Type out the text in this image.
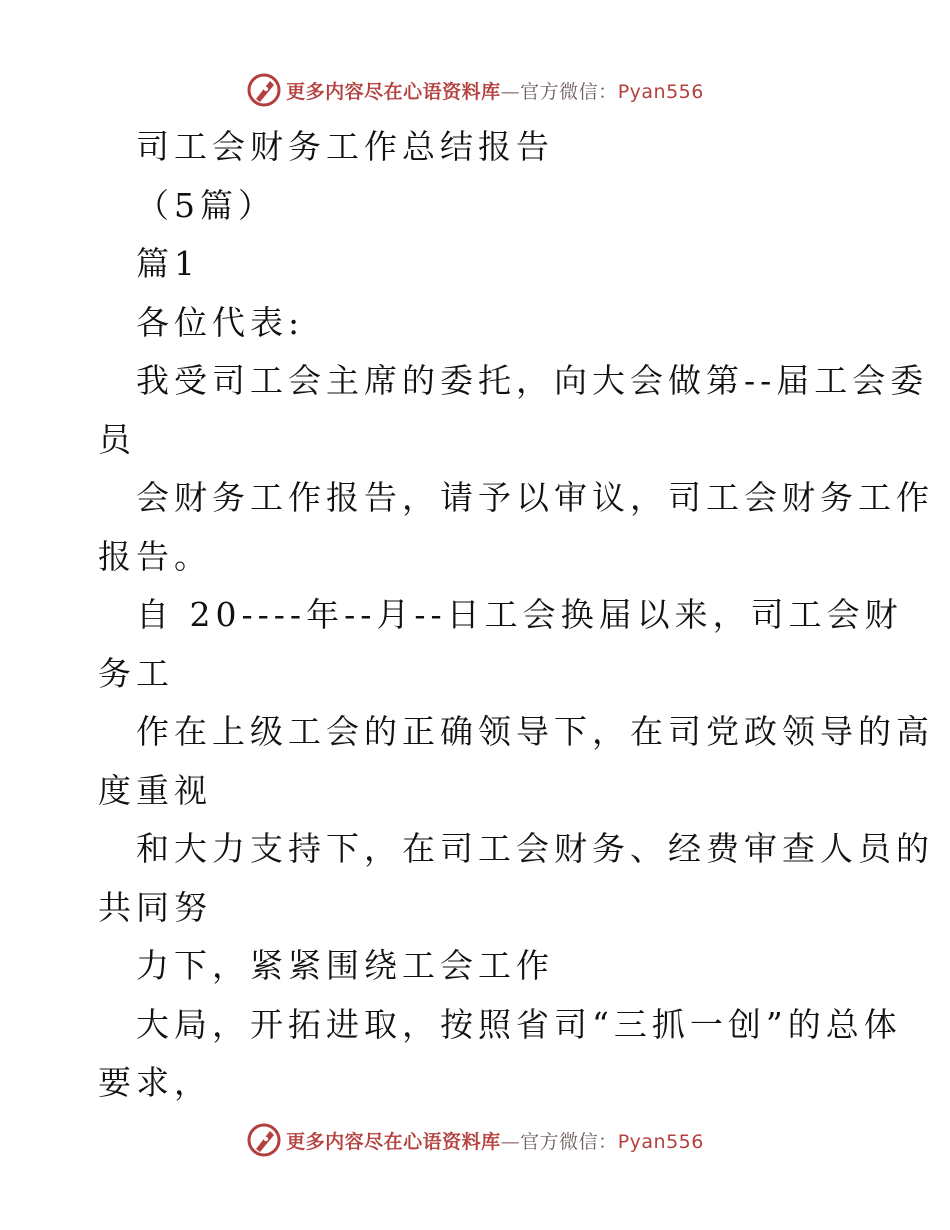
更多内容尽在心语资料库—官方微信：Pyan556
司工会财务工作总结报告
（5篇）
篇1
各位代表:
我受司工会主席的委托，向大会做第--届工会委
员
会财务工作报告，请予以审议，司工会财务工作
报告。
自 20----年--月--日工会换届以来，司工会财
务工
作在上级工会的正确领导下，在司党政领导的高
度重视
和大力支持下，在司工会财务、经费审查人员的
共同努
力下，紧紧围绕工会工作
大局，开拓进取，按照省司“三抓一创”的总体
要求，
更多内容尽在心语资料库—官方微信：Pyan556
